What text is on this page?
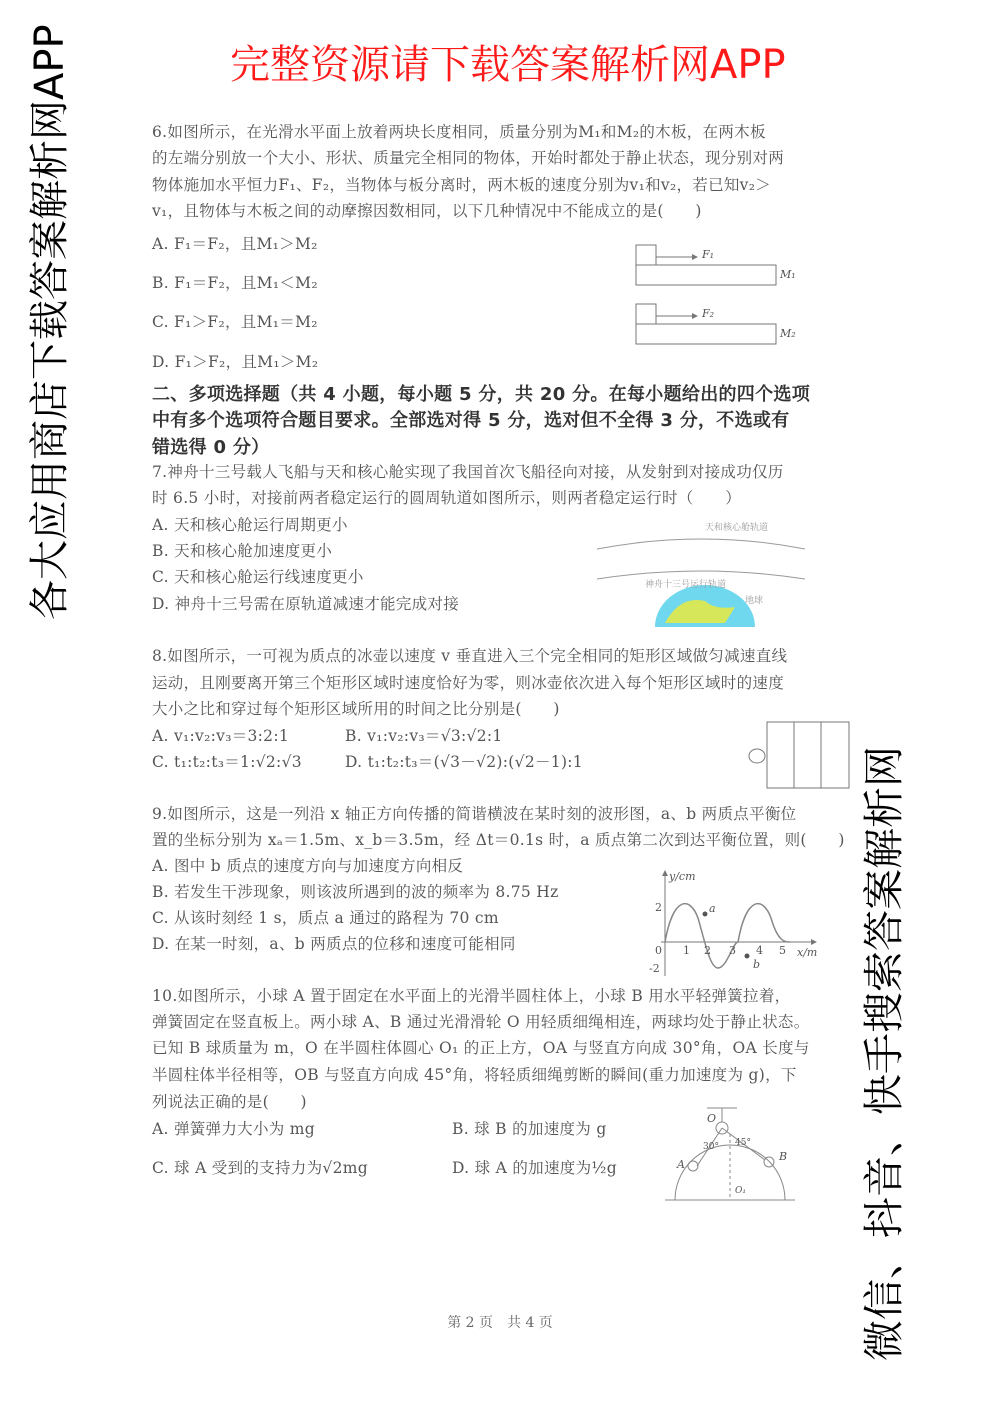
6.如图所示，在光滑水平面上放着两块长度相同，质量分别为M₁和M₂的木板，在两木板
的左端分别放一个大小、形状、质量完全相同的物体，开始时都处于静止状态，现分别对两
物体施加水平恒力F₁、F₂，当物体与板分离时，两木板的速度分别为v₁和v₂，若已知v₂＞
v₁，且物体与木板之间的动摩擦因数相同，以下几种情况中不能成立的是(　　)
A. F₁＝F₂，且M₁＞M₂
B. F₁＝F₂，且M₁＜M₂
C. F₁＞F₂，且M₁＝M₂
D. F₁＞F₂，且M₁＞M₂
F₁
M₁
F₂
M₂
二、多项选择题（共 4 小题，每小题 5 分，共 20 分。在每小题给出的四个选项
中有多个选项符合题目要求。全部选对得 5 分，选对但不全得 3 分，不选或有
错选得 0 分）
7.神舟十三号载人飞船与天和核心舱实现了我国首次飞船径向对接，从发射到对接成功仅历
时 6.5 小时，对接前两者稳定运行的圆周轨道如图所示，则两者稳定运行时（　　）
A. 天和核心舱运行周期更小
B. 天和核心舱加速度更小
C. 天和核心舱运行线速度更小
D. 神舟十三号需在原轨道减速才能完成对接
天和核心舱轨道
神舟十三号运行轨道
地球
8.如图所示，一可视为质点的冰壶以速度 v 垂直进入三个完全相同的矩形区域做匀减速直线
运动，且刚要离开第三个矩形区域时速度恰好为零，则冰壶依次进入每个矩形区域时的速度
大小之比和穿过每个矩形区域所用的时间之比分别是(　　)
A. v₁:v₂:v₃＝3:2:1	B. v₁:v₂:v₃＝√3:√2:1
C. t₁:t₂:t₃＝1:√2:√3	D. t₁:t₂:t₃＝(√3－√2):(√2－1):1
9.如图所示，这是一列沿 x 轴正方向传播的简谐横波在某时刻的波形图，a、b 两质点平衡位
置的坐标分别为 xₐ＝1.5m、x_b＝3.5m，经 Δt＝0.1s 时，a 质点第二次到达平衡位置，则(　　)
A. 图中 b 质点的速度方向与加速度方向相反
B. 若发生干涉现象，则该波所遇到的波的频率为 8.75 Hz
C. 从该时刻经 1 s，质点 a 通过的路程为 70 cm
D. 在某一时刻，a、b 两质点的位移和速度可能相同
y/cm
x/m
2
-2
0 1 2 3 4 5
a
b
10.如图所示，小球 A 置于固定在水平面上的光滑半圆柱体上，小球 B 用水平轻弹簧拉着，
弹簧固定在竖直板上。两小球 A、B 通过光滑滑轮 O 用轻质细绳相连，两球均处于静止状态。
已知 B 球质量为 m，O 在半圆柱体圆心 O₁ 的正上方，OA 与竖直方向成 30°角，OA 长度与
半圆柱体半径相等，OB 与竖直方向成 45°角，将轻质细绳剪断的瞬间(重力加速度为 g)，下
列说法正确的是(　　)
A. 弹簧弹力大小为 mg	B. 球 B 的加速度为 g
C. 球 A 受到的支持力为√2mg	D. 球 A 的加速度为½g
O
A
B
O₁
30° 45°
第 2 页　共 4 页
各大应用商店下载答案解析网APP	完整资源请下载答案解析网APP
微信、抖音、快手搜索答案解析网
